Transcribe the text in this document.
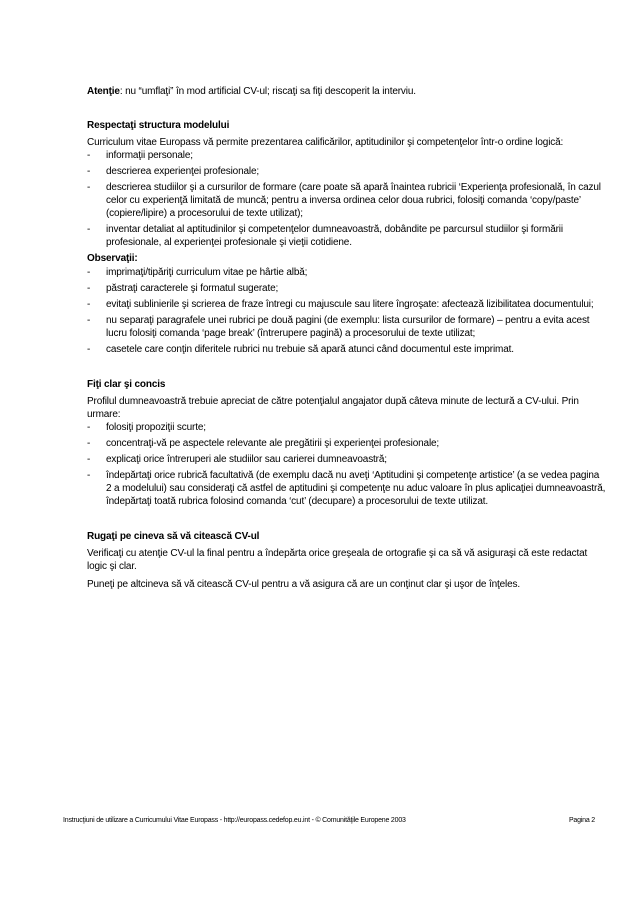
Atenţie: nu “umflaţi” în mod artificial CV-ul; riscaţi sa fiţi descoperit la interviu.

Respectaţi structura modelului

Curriculum vitae Europass vă permite prezentarea calificărilor, aptitudinilor şi competenţelor într-o ordine logică:

- informaţii personale;
- descrierea experienţei profesionale;
- descrierea studiilor şi a cursurilor de formare (care poate să apară înaintea rubricii ‘Experienţa profesională, în cazul celor cu experienţă limitată de muncă; pentru a inversa ordinea celor doua rubrici, folosiţi comanda ‘copy/paste’ (copiere/lipire) a procesorului de texte utilizat);
- inventar detaliat al aptitudinilor şi competenţelor dumneavoastră, dobândite pe parcursul studiilor şi formării profesionale, al experienţei profesionale şi vieţii cotidiene.
Observaţii:
- imprimaţi/tipăriţi curriculum vitae pe hârtie albă;
- păstraţi caracterele şi formatul sugerate;
- evitaţi sublinierile şi scrierea de fraze întregi cu majuscule sau litere îngroşate: afectează lizibilitatea documentului;
- nu separaţi paragrafele unei rubrici pe două pagini (de exemplu: lista cursurilor de formare) – pentru a evita acest lucru folosiţi comanda ‘page break’ (întrerupere pagină) a procesorului de texte utilizat;
- casetele care conţin diferitele rubrici nu trebuie să apară atunci când documentul este imprimat.
Fiţi clar şi concis

Profilul dumneavoastră trebuie apreciat de către potenţialul angajator după câteva minute de lectură a CV-ului. Prin urmare:

- folosiţi propoziţii scurte;
- concentraţi-vă pe aspectele relevante ale pregătirii şi experienţei profesionale;
- explicaţi orice întreruperi ale studiilor sau carierei dumneavoastră;
- îndepărtaţi orice rubrică facultativă (de exemplu dacă nu aveţi ‘Aptitudini şi competenţe artistice’ (a se vedea pagina 2 a modelului) sau consideraţi că astfel de aptitudini şi competenţe nu aduc valoare în plus aplicaţiei dumneavoastră, îndepărtaţi toată rubrica folosind comanda ‘cut’ (decupare) a procesorului de texte utilizat.
Rugaţi pe cineva să vă citească CV-ul

Verificaţi cu atenţie CV-ul la final pentru a îndepărta orice greşeala de ortografie şi ca să vă asiguraşi că este redactat logic şi clar.

Puneţi pe altcineva să vă citească CV-ul pentru a vă asigura că are un conţinut clar şi uşor de înţeles.

Instrucţiuni de utilizare a Curricumului Vitae Europass - http://europass.cedefop.eu.int - © Comunităţile Europene 2003	Pagina 2
